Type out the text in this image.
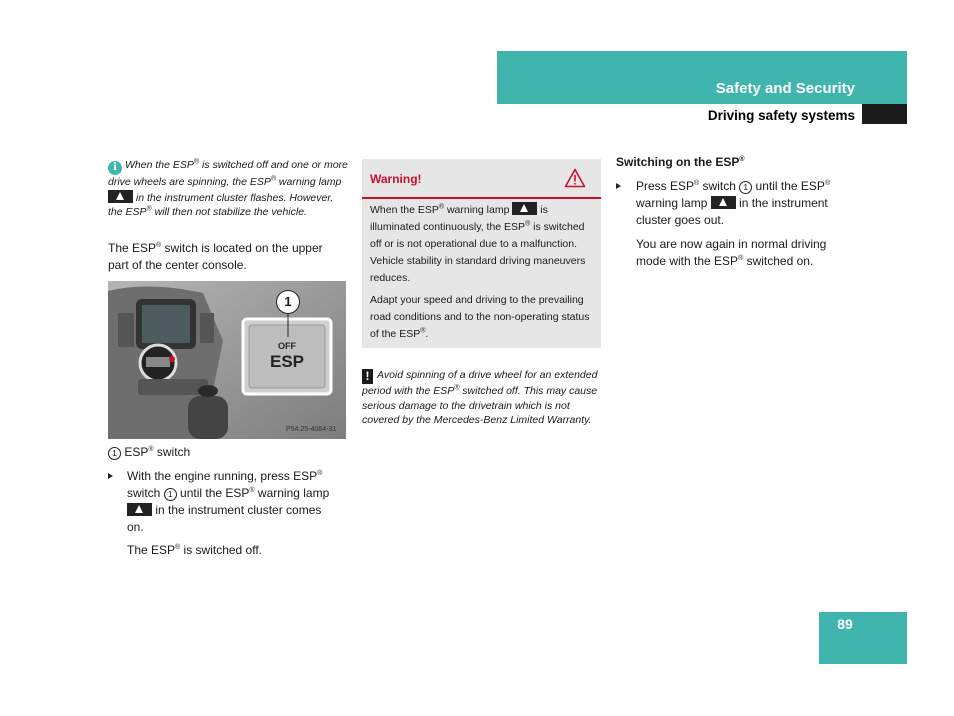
Safety and Security
Driving safety systems
i When the ESP® is switched off and one or more drive wheels are spinning, the ESP® warning lamp  in the instrument cluster flashes. However, the ESP® will then not stabilize the vehicle.
The ESP® switch is located on the upper part of the center console.
1
OFF
ESP
P54.25-4084-31
1 ESP® switch
With the engine running, press ESP® switch 1 until the ESP® warning lamp  in the instrument cluster comes on.
The ESP® is switched off.
Warning!
When the ESP® warning lamp  is illuminated continuously, the ESP® is switched off or is not operational due to a malfunction. Vehicle stability in standard driving maneuvers reduces.
Adapt your speed and driving to the prevailing road conditions and to the non-operating status of the ESP®.
! Avoid spinning of a drive wheel for an extended period with the ESP® switched off. This may cause serious damage to the drivetrain which is not covered by the Mercedes-Benz Limited Warranty.
Switching on the ESP®
Press ESP® switch 1 until the ESP® warning lamp  in the instrument cluster goes out.
You are now again in normal driving mode with the ESP® switched on.
89
